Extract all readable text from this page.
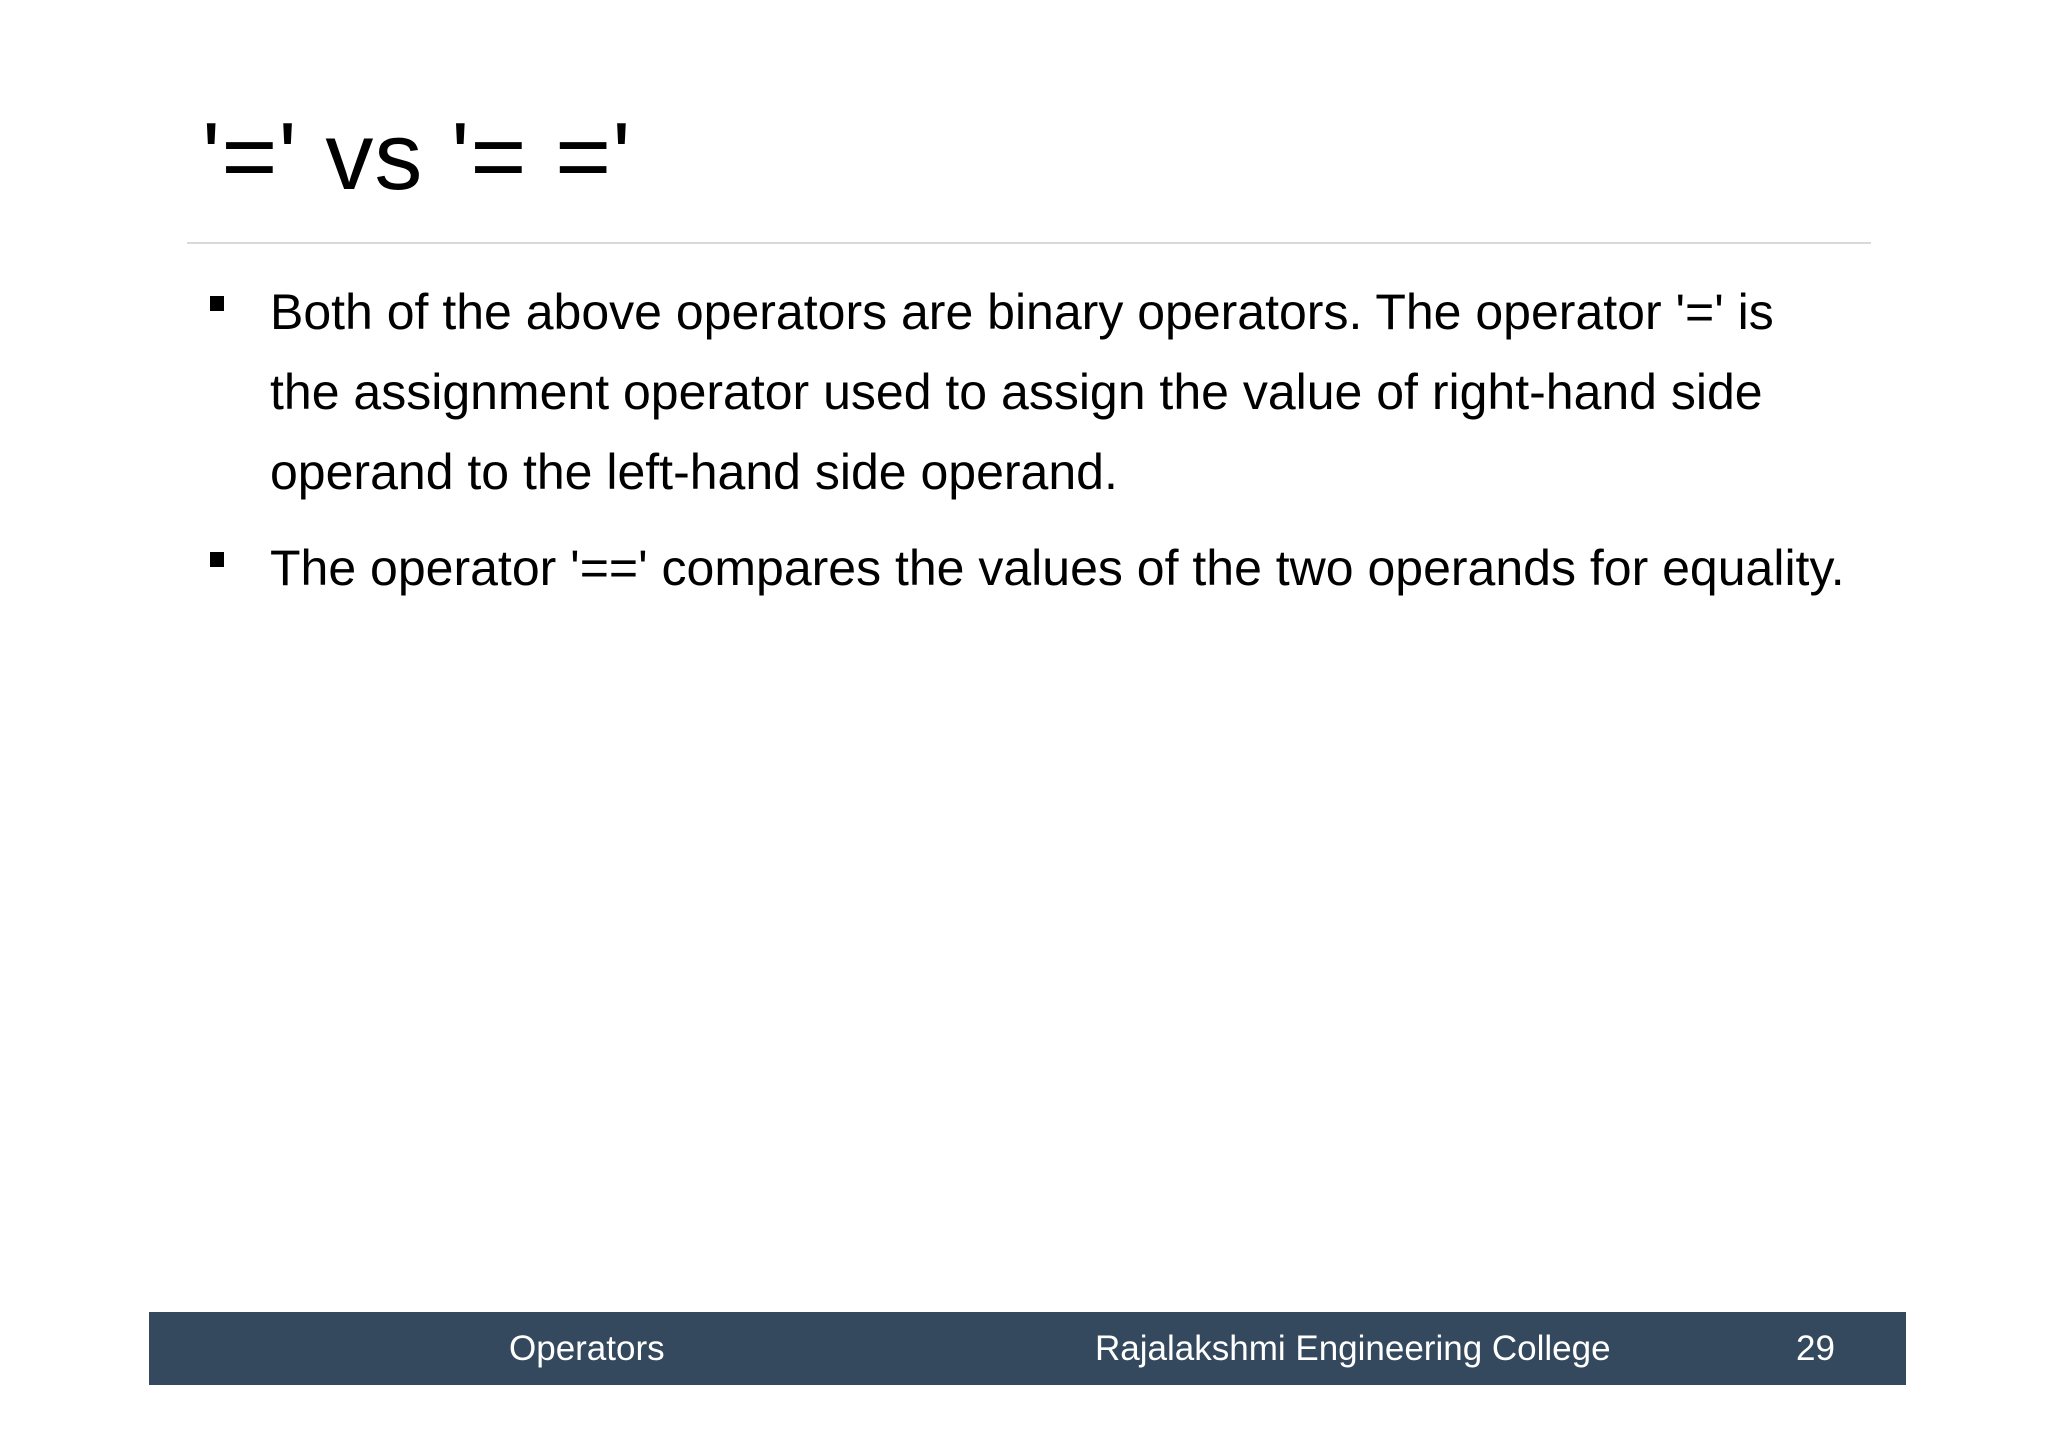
'=' vs '= ='
Both of the above operators are binary operators. The operator '=' is the assignment operator used to assign the value of right-hand side operand to the left-hand side operand.
The operator '==' compares the values of the two operands for equality.
Operators	Rajalakshmi Engineering College	29
